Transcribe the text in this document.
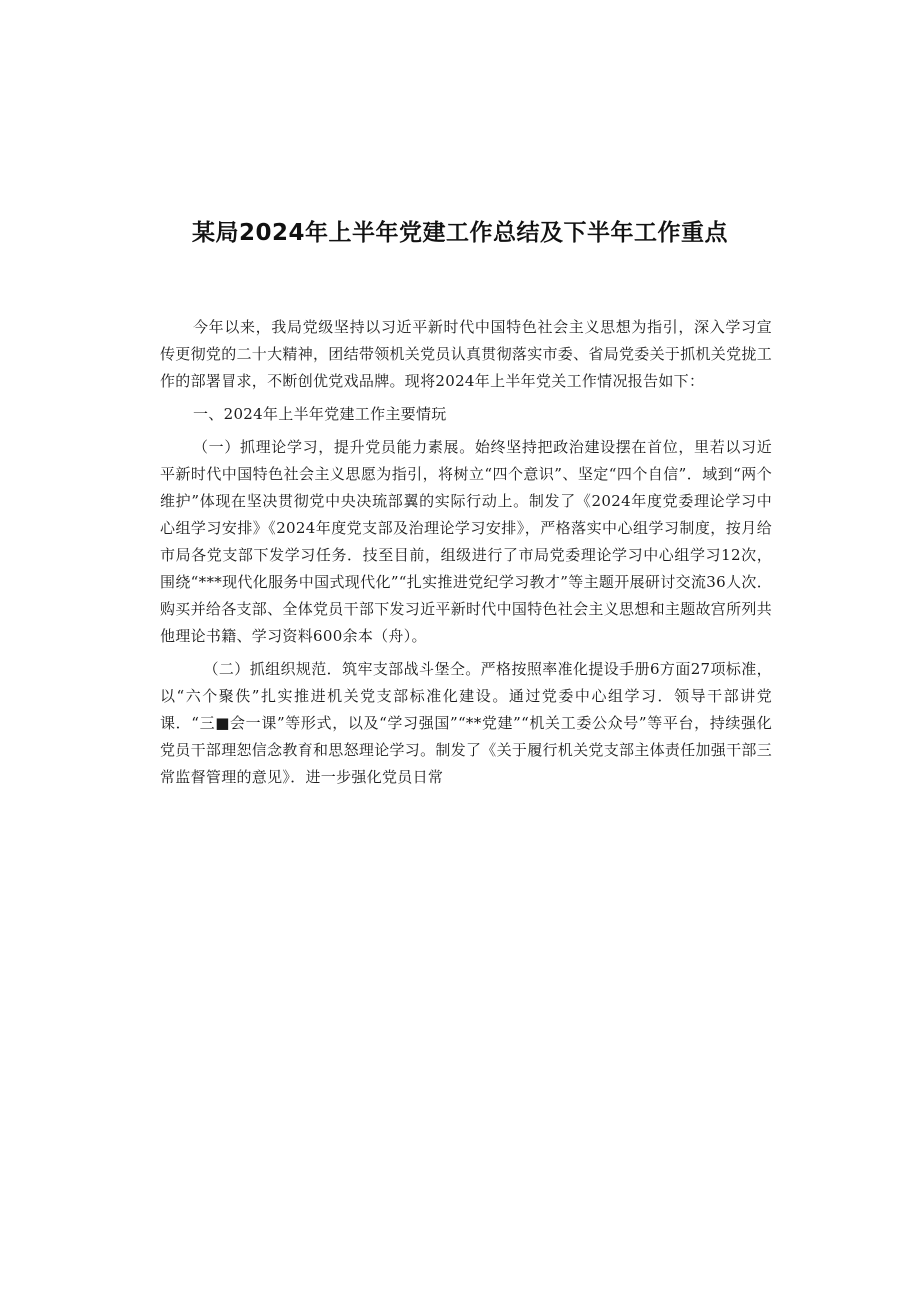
某局2024年上半年党建工作总结及下半年工作重点

今年以来，我局党级坚持以习近平新时代中国特色社会主义思想为指引，深入学习宣传更彻党的二十大精神，团结带领机关党员认真贯彻落实市委、省局党委关于抓机关党拢工作的部署冒求，不断创优党戏品牌。现将2024年上半年党关工作情况报告如下：

一、2024年上半年党建工作主要情玩

（一）抓理论学习，提升党员能力素展。始终坚持把政治建设摆在首位，里若以习近平新时代中国特色社会主义思愿为指引，将树立“四个意识”、坚定“四个自信”．域到“两个维护”体现在坚决贯彻党中央决琉部翼的实际行动上。制发了《2024年度党委理论学习中心组学习安排》《2024年度党支部及治理论学习安排》，严格落实中心组学习制度，按月给市局各党支部下发学习任务．技至目前，组级进行了市局党委理论学习中心组学习12次，围绕“***现代化服务中国式现代化”“扎实推进党纪学习教才”等主题开展研讨交流36人次．购买并给各支部、全体党员干部下发习近平新时代中国特色社会主义思想和主题故宫所列共他理论书籍、学习资料600余本（舟）。

（二）抓组织规范．筑牢支部战斗堡仝。严格按照率准化提设手册6方面27项标准，以“六个聚佚”扎实推进机关党支部标准化建设。通过党委中心组学习．领导干部讲党课．“三■会一课”等形式，以及“学习强国”“**党建”“机关工委公众号”等平台，持续强化党员干部理恕信念教育和思怒理论学习。制发了《关于履行机关党支部主体责任加强干部三常监督管理的意见》．进一步强化党员日常
